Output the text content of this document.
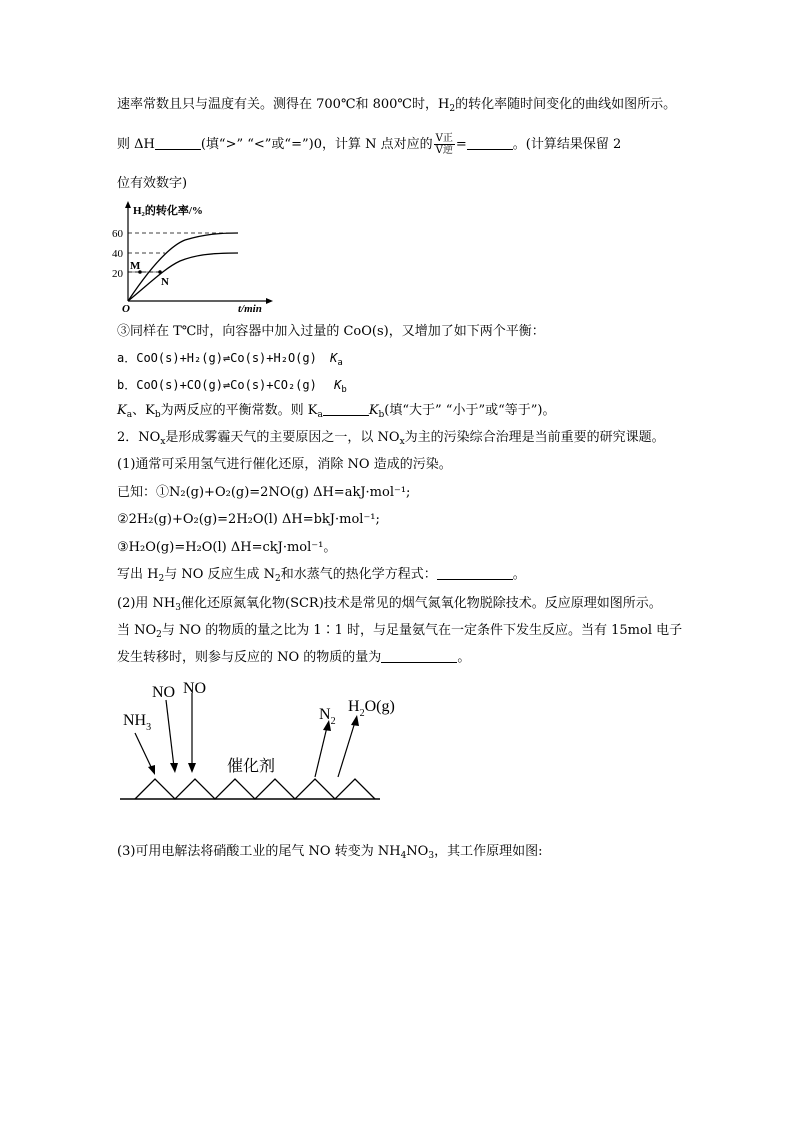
速率常数且只与温度有关。测得在 700℃和 800℃时，$H_2$的转化率随时间变化的曲线如图所示。
则 ΔH	(填“>” “<”或“=”)0，计算 N 点对应的 $\frac{\text{V正}}{\text{V逆}}$ =	。(计算结果保留 2
位有效数字)
H₂的转化率/%
60
40
20
M
N
O	t/min
③同样在 T℃时，向容器中加入过量的 CoO(s)，又增加了如下两个平衡：
a．CoO(s)+H₂(g)⇌Co(s)+H₂O(g) $K_a$
b．CoO(s)+CO(g)⇌Co(s)+CO₂(g) $K_b$
$K_a$、$K_b$为两反应的平衡常数。则 $K_a$	$K_b$(填“大于” “小于”或“等于”)。
2．$NO_x$是形成雾霾天气的主要原因之一，以 $NO_x$为主的污染综合治理是当前重要的研究课题。
(1)通常可采用氢气进行催化还原，消除 NO 造成的污染。
已知：①N₂(g)+O₂(g)=2NO(g) ΔH=akJ·mol⁻¹;
②2H₂(g)+O₂(g)=2H₂O(l) ΔH=bkJ·mol⁻¹;
③H₂O(g)=H₂O(l) ΔH=ckJ·mol⁻¹。
写出 $H_2$与 NO 反应生成 $N_2$和水蒸气的热化学方程式：	。
(2)用 $NH_3$催化还原氮氧化物(SCR)技术是常见的烟气氮氧化物脱除技术。反应原理如图所示。
当 $NO_2$与 NO 的物质的量之比为 1∶1 时，与足量氨气在一定条件下发生反应。当有 15mol 电子
发生转移时，则参与反应的 NO 的物质的量为	。
NO NO
$NH_3$
$N_2$
$H_2O(g)$
催化剂
(3)可用电解法将硝酸工业的尾气 NO 转变为 $NH_4NO_3$，其工作原理如图:
